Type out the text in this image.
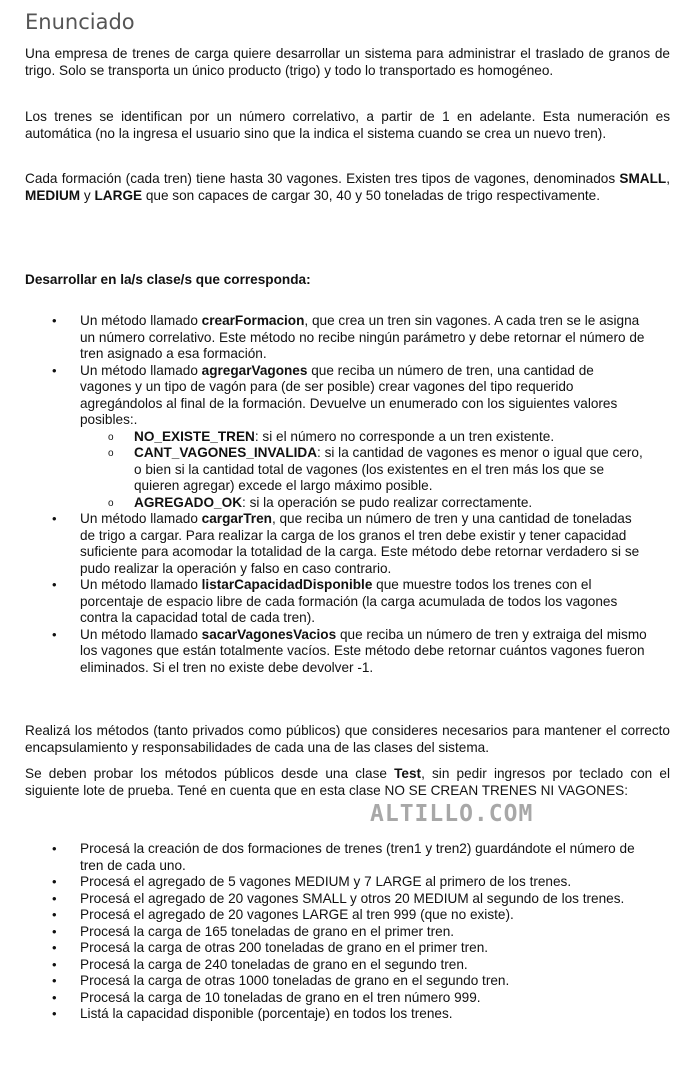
Enunciado

Una empresa de trenes de carga quiere desarrollar un sistema para administrar el traslado de granos de trigo. Solo se transporta un único producto (trigo) y todo lo transportado es homogéneo.

Los trenes se identifican por un número correlativo, a partir de 1 en adelante. Esta numeración es automática (no la ingresa el usuario sino que la indica el sistema cuando se crea un nuevo tren).

Cada formación (cada tren) tiene hasta 30 vagones. Existen tres tipos de vagones, denominados SMALL, MEDIUM y LARGE que son capaces de cargar 30, 40 y 50 toneladas de trigo respectivamente.

Desarrollar en la/s clase/s que corresponda:
• Un método llamado crearFormacion, que crea un tren sin vagones. A cada tren se le asigna un número correlativo. Este método no recibe ningún parámetro y debe retornar el número de tren asignado a esa formación.
• Un método llamado agregarVagones que reciba un número de tren, una cantidad de vagones y un tipo de vagón para (de ser posible) crear vagones del tipo requerido agregándolos al final de la formación. Devuelve un enumerado con los siguientes valores posibles:.
o NO_EXISTE_TREN: si el número no corresponde a un tren existente.
o CANT_VAGONES_INVALIDA: si la cantidad de vagones es menor o igual que cero, o bien si la cantidad total de vagones (los existentes en el tren más los que se quieren agregar) excede el largo máximo posible.
o AGREGADO_OK: si la operación se pudo realizar correctamente.
• Un método llamado cargarTren, que reciba un número de tren y una cantidad de toneladas de trigo a cargar. Para realizar la carga de los granos el tren debe existir y tener capacidad suficiente para acomodar la totalidad de la carga. Este método debe retornar verdadero si se pudo realizar la operación y falso en caso contrario.
• Un método llamado listarCapacidadDisponible que muestre todos los trenes con el porcentaje de espacio libre de cada formación (la carga acumulada de todos los vagones contra la capacidad total de cada tren).
• Un método llamado sacarVagonesVacios que reciba un número de tren y extraiga del mismo los vagones que están totalmente vacíos. Este método debe retornar cuántos vagones fueron eliminados. Si el tren no existe debe devolver -1.

Realizá los métodos (tanto privados como públicos) que consideres necesarios para mantener el correcto encapsulamiento y responsabilidades de cada una de las clases del sistema.

Se deben probar los métodos públicos desde una clase Test, sin pedir ingresos por teclado con el siguiente lote de prueba. Tené en cuenta que en esta clase NO SE CREAN TRENES NI VAGONES:

ALTILLO.COM
• Procesá la creación de dos formaciones de trenes (tren1 y tren2) guardándote el número de tren de cada uno.
• Procesá el agregado de 5 vagones MEDIUM y 7 LARGE al primero de los trenes.
• Procesá el agregado de 20 vagones SMALL y otros 20 MEDIUM al segundo de los trenes.
• Procesá el agregado de 20 vagones LARGE al tren 999 (que no existe).
• Procesá la carga de 165 toneladas de grano en el primer tren.
• Procesá la carga de otras 200 toneladas de grano en el primer tren.
• Procesá la carga de 240 toneladas de grano en el segundo tren.
• Procesá la carga de otras 1000 toneladas de grano en el segundo tren.
• Procesá la carga de 10 toneladas de grano en el tren número 999.
• Listá la capacidad disponible (porcentaje) en todos los trenes.
